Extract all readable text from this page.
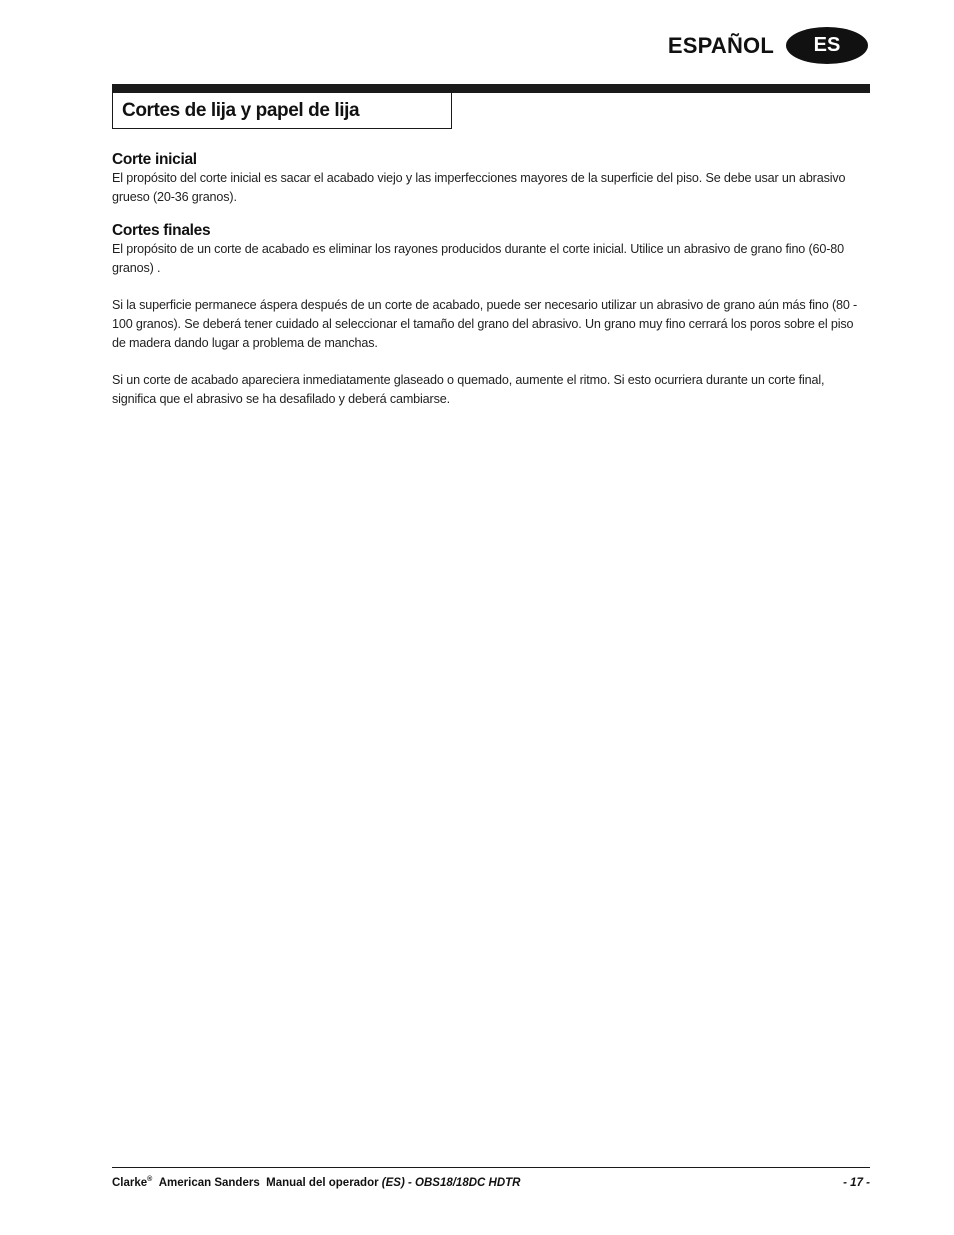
ESPAÑOL	ES
Cortes de lija y papel de lija
Corte inicial

El propósito del corte inicial es sacar el acabado viejo y las imperfecciones mayores de la superficie del piso. Se debe usar un abrasivo grueso (20-36 granos).

Cortes finales

El propósito de un corte de acabado es eliminar los rayones producidos durante el corte inicial. Utilice un abrasivo de grano fino (60-80 granos) .

Si la superficie permanece áspera después de un corte de acabado, puede ser necesario utilizar un abrasivo de grano aún más fino (80 - 100 granos). Se deberá tener cuidado al seleccionar el tamaño del grano del abrasivo. Un grano muy fino cerrará los poros sobre el piso de madera dando lugar a problema de manchas.

Si un corte de acabado apareciera inmediatamente glaseado o quemado, aumente el ritmo. Si esto ocurriera durante un corte final, significa que el abrasivo se ha desafilado y deberá cambiarse.

Clarke® American Sanders Manual del operador (ES) - OBS18/18DC HDTR	- 17 -
